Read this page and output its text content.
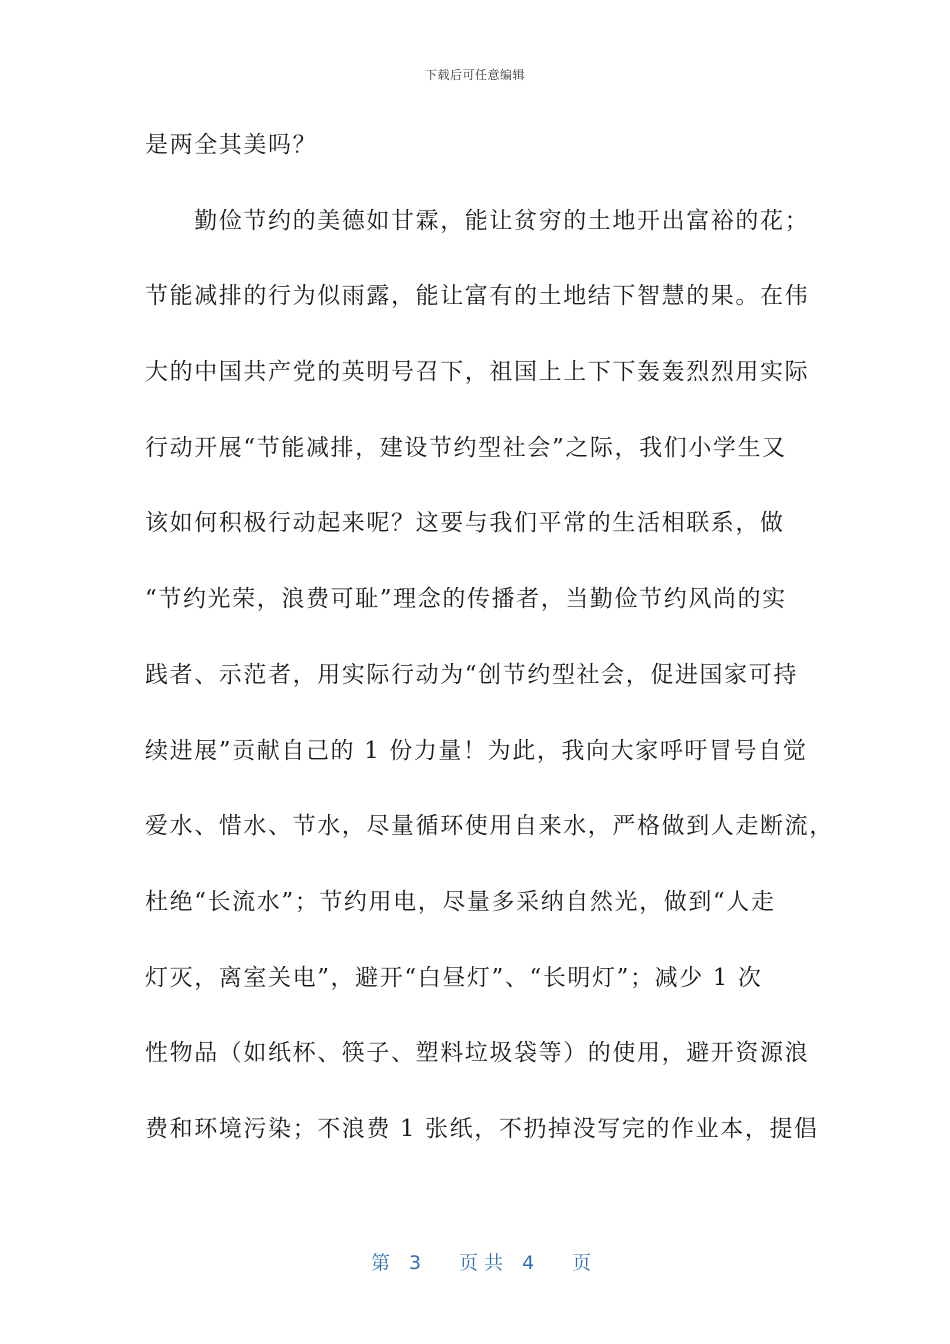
下载后可任意编辑
是两全其美吗？
　　勤俭节约的美德如甘霖，能让贫穷的土地开出富裕的花；
节能减排的行为似雨露，能让富有的土地结下智慧的果。在伟
大的中国共产党的英明号召下，祖国上上下下轰轰烈烈用实际
行动开展“节能减排，建设节约型社会”之际，我们小学生又
该如何积极行动起来呢？这要与我们平常的生活相联系，做
“节约光荣，浪费可耻”理念的传播者，当勤俭节约风尚的实
践者、示范者，用实际行动为“创节约型社会，促进国家可持
续进展”贡献自己的 1 份力量！为此，我向大家呼吁冒号自觉
爱水、惜水、节水，尽量循环使用自来水，严格做到人走断流，
杜绝“长流水”；节约用电，尽量多采纳自然光，做到“人走
灯灭，离室关电”，避开“白昼灯”、“长明灯”；减少 1 次
性物品（如纸杯、筷子、塑料垃圾袋等）的使用，避开资源浪
费和环境污染；不浪费 1 张纸，不扔掉没写完的作业本，提倡

第　3　　页 共　4　　页
